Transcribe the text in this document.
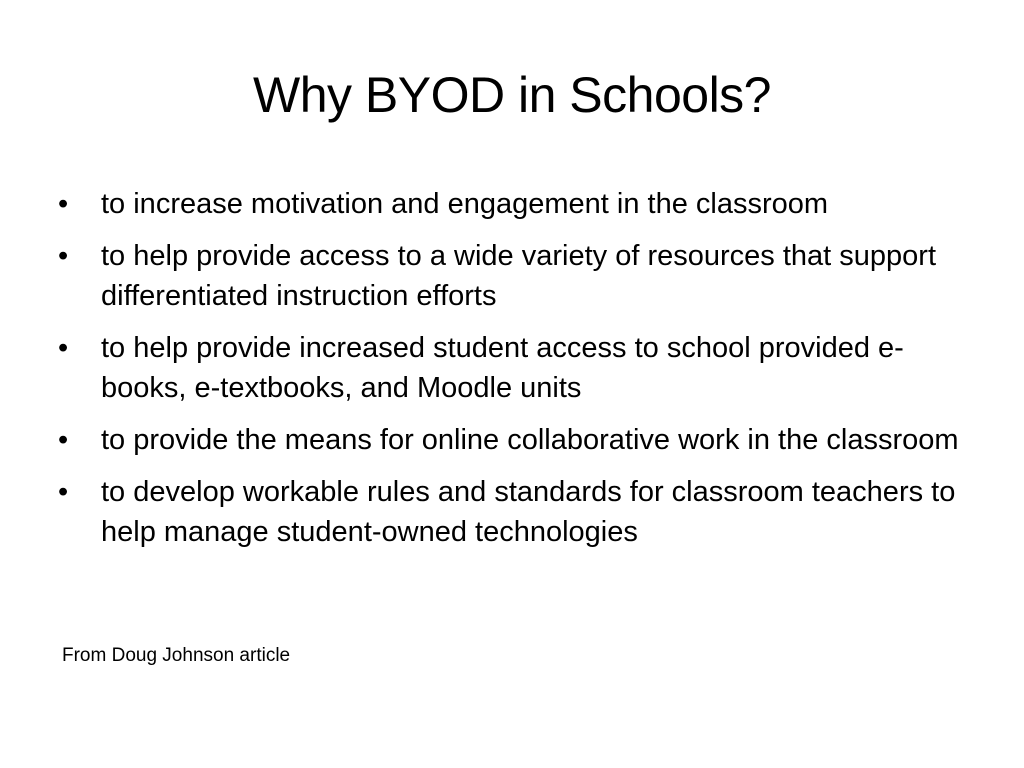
Why BYOD in Schools?
•	to increase motivation and engagement in the classroom
•	to help provide access to a wide variety of resources that support differentiated instruction efforts
•	to help provide increased student access to school provided e-books, e-textbooks, and Moodle units
•	to provide the means for online collaborative work in the classroom
•	to develop workable rules and standards for classroom teachers to help manage student-owned technologies

From Doug Johnson article
